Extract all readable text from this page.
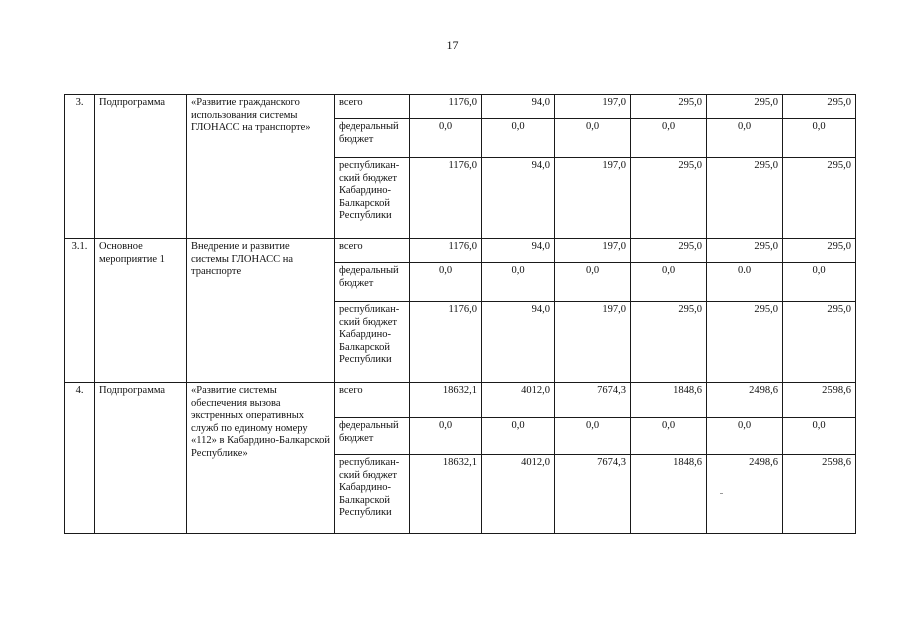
17
3.	Подпрограмма	«Развитие гражданского использования системы ГЛОНАСС на транспорте»	всего	1176,0	94,0	197,0	295,0	295,0	295,0
			федеральный бюджет	0,0	0,0	0,0	0,0	0,0	0,0
			республикан-ский бюджет Кабардино-Балкарской Республики	1176,0	94,0	197,0	295,0	295,0	295,0
3.1.	Основное мероприятие 1	Внедрение и развитие системы ГЛОНАСС на транспорте	всего	1176,0	94,0	197,0	295,0	295,0	295,0
			федеральный бюджет	0,0	0,0	0,0	0,0	0.0	0,0
			республикан-ский бюджет Кабардино-Балкарской Республики	1176,0	94,0	197,0	295,0	295,0	295,0
4.	Подпрограмма	«Развитие системы обеспечения вызова экстренных оперативных служб по единому номеру «112» в Кабардино-Балкарской Республике»	всего	18632,1	4012,0	7674,3	1848,6	2498,6	2598,6
			федеральный бюджет	0,0	0,0	0,0	0,0	0,0	0,0
			республикан-ский бюджет Кабардино-Балкарской Республики	18632,1	4012,0	7674,3	1848,6	2498,6	2598,6
